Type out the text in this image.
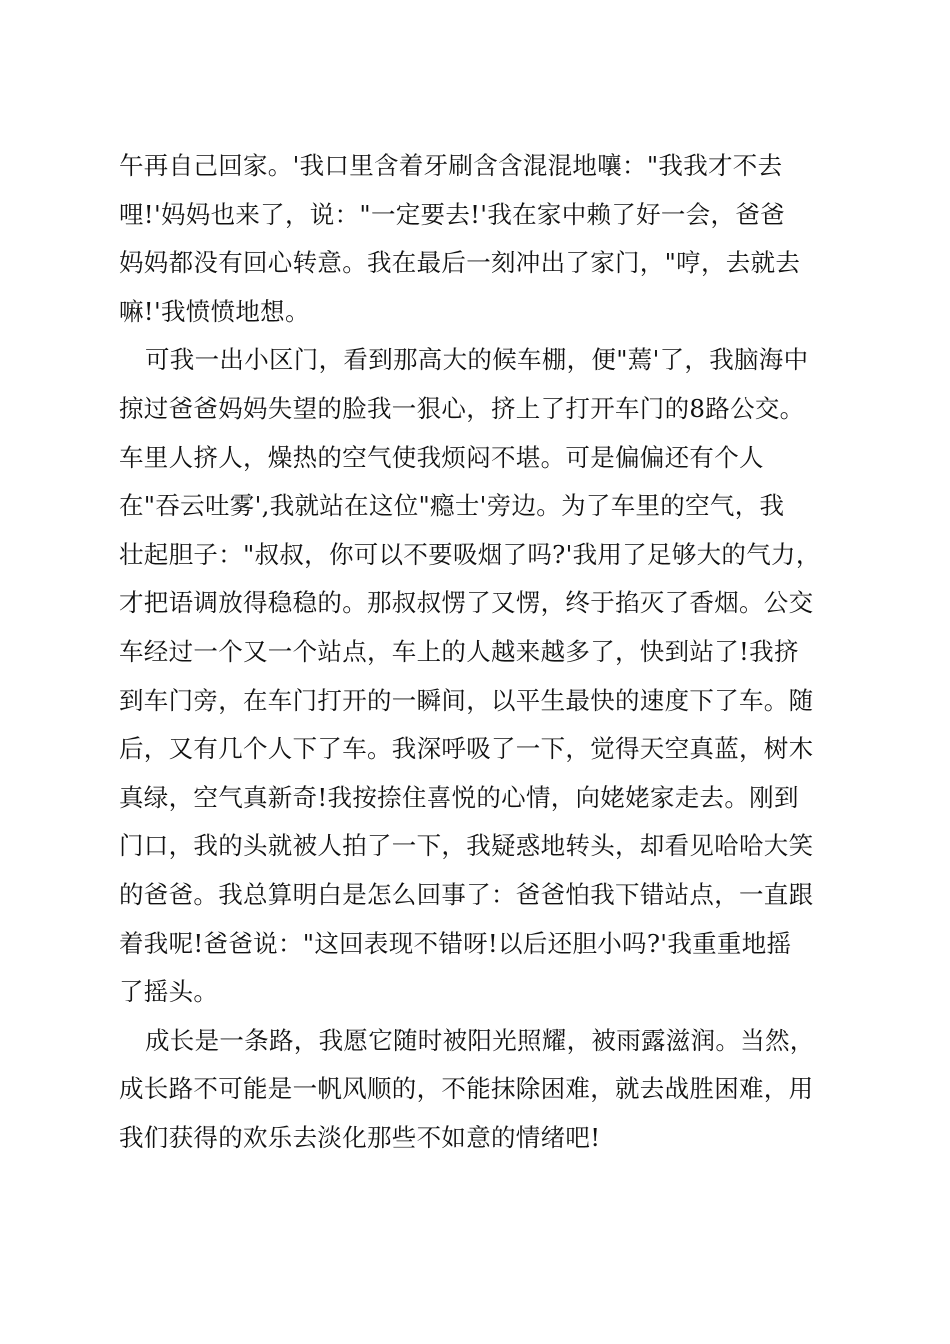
午再自己回家。'我口里含着牙刷含含混混地嚷："我我才不去
哩!'妈妈也来了，说："一定要去!'我在家中赖了好一会，爸爸
妈妈都没有回心转意。我在最后一刻冲出了家门，"哼，去就去
嘛!'我愤愤地想。

可我一出小区门，看到那高大的候车棚，便"蔫'了，我脑海中
掠过爸爸妈妈失望的脸我一狠心，挤上了打开车门的8路公交。
车里人挤人，燥热的空气使我烦闷不堪。可是偏偏还有个人
在"吞云吐雾',我就站在这位"瘾士'旁边。为了车里的空气，我
壮起胆子："叔叔，你可以不要吸烟了吗?'我用了足够大的气力，
才把语调放得稳稳的。那叔叔愣了又愣，终于掐灭了香烟。公交
车经过一个又一个站点，车上的人越来越多了，快到站了!我挤
到车门旁，在车门打开的一瞬间，以平生最快的速度下了车。随
后，又有几个人下了车。我深呼吸了一下，觉得天空真蓝，树木
真绿，空气真新奇!我按捺住喜悦的心情，向姥姥家走去。刚到
门口，我的头就被人拍了一下，我疑惑地转头，却看见哈哈大笑
的爸爸。我总算明白是怎么回事了：爸爸怕我下错站点，一直跟
着我呢!爸爸说："这回表现不错呀!以后还胆小吗?'我重重地摇
了摇头。

成长是一条路，我愿它随时被阳光照耀，被雨露滋润。当然，
成长路不可能是一帆风顺的，不能抹除困难，就去战胜困难，用
我们获得的欢乐去淡化那些不如意的情绪吧!
